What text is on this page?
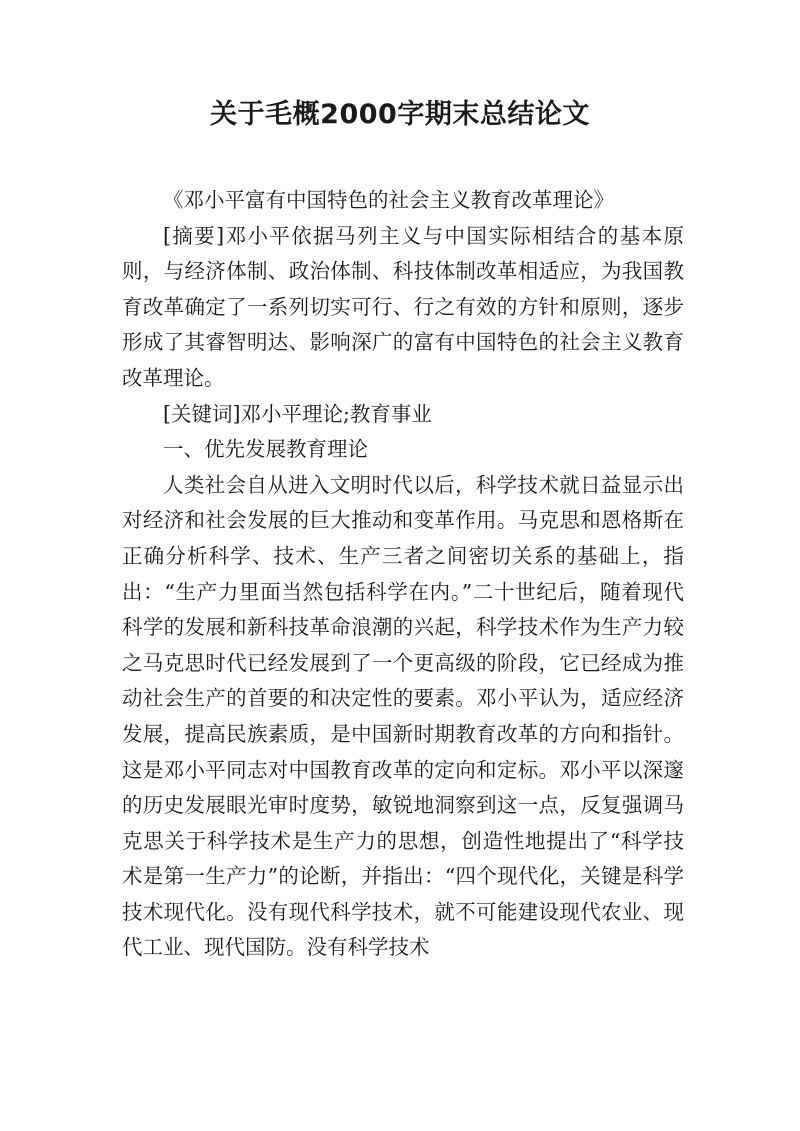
关于毛概2000字期末总结论文

《邓小平富有中国特色的社会主义教育改革理论》

[摘要]邓小平依据马列主义与中国实际相结合的基本原则，与经济体制、政治体制、科技体制改革相适应，为我国教育改革确定了一系列切实可行、行之有效的方针和原则，逐步形成了其睿智明达、影响深广的富有中国特色的社会主义教育改革理论。

[关键词]邓小平理论;教育事业

一、优先发展教育理论

人类社会自从进入文明时代以后，科学技术就日益显示出对经济和社会发展的巨大推动和变革作用。马克思和恩格斯在正确分析科学、技术、生产三者之间密切关系的基础上，指出：“生产力里面当然包括科学在内。”二十世纪后，随着现代科学的发展和新科技革命浪潮的兴起，科学技术作为生产力较之马克思时代已经发展到了一个更高级的阶段，它已经成为推动社会生产的首要的和决定性的要素。邓小平认为，适应经济发展，提高民族素质，是中国新时期教育改革的方向和指针。这是邓小平同志对中国教育改革的定向和定标。邓小平以深邃的历史发展眼光审时度势，敏锐地洞察到这一点，反复强调马克思关于科学技术是生产力的思想，创造性地提出了“科学技术是第一生产力”的论断，并指出：“四个现代化，关键是科学技术现代化。没有现代科学技术，就不可能建设现代农业、现代工业、现代国防。没有科学技术
